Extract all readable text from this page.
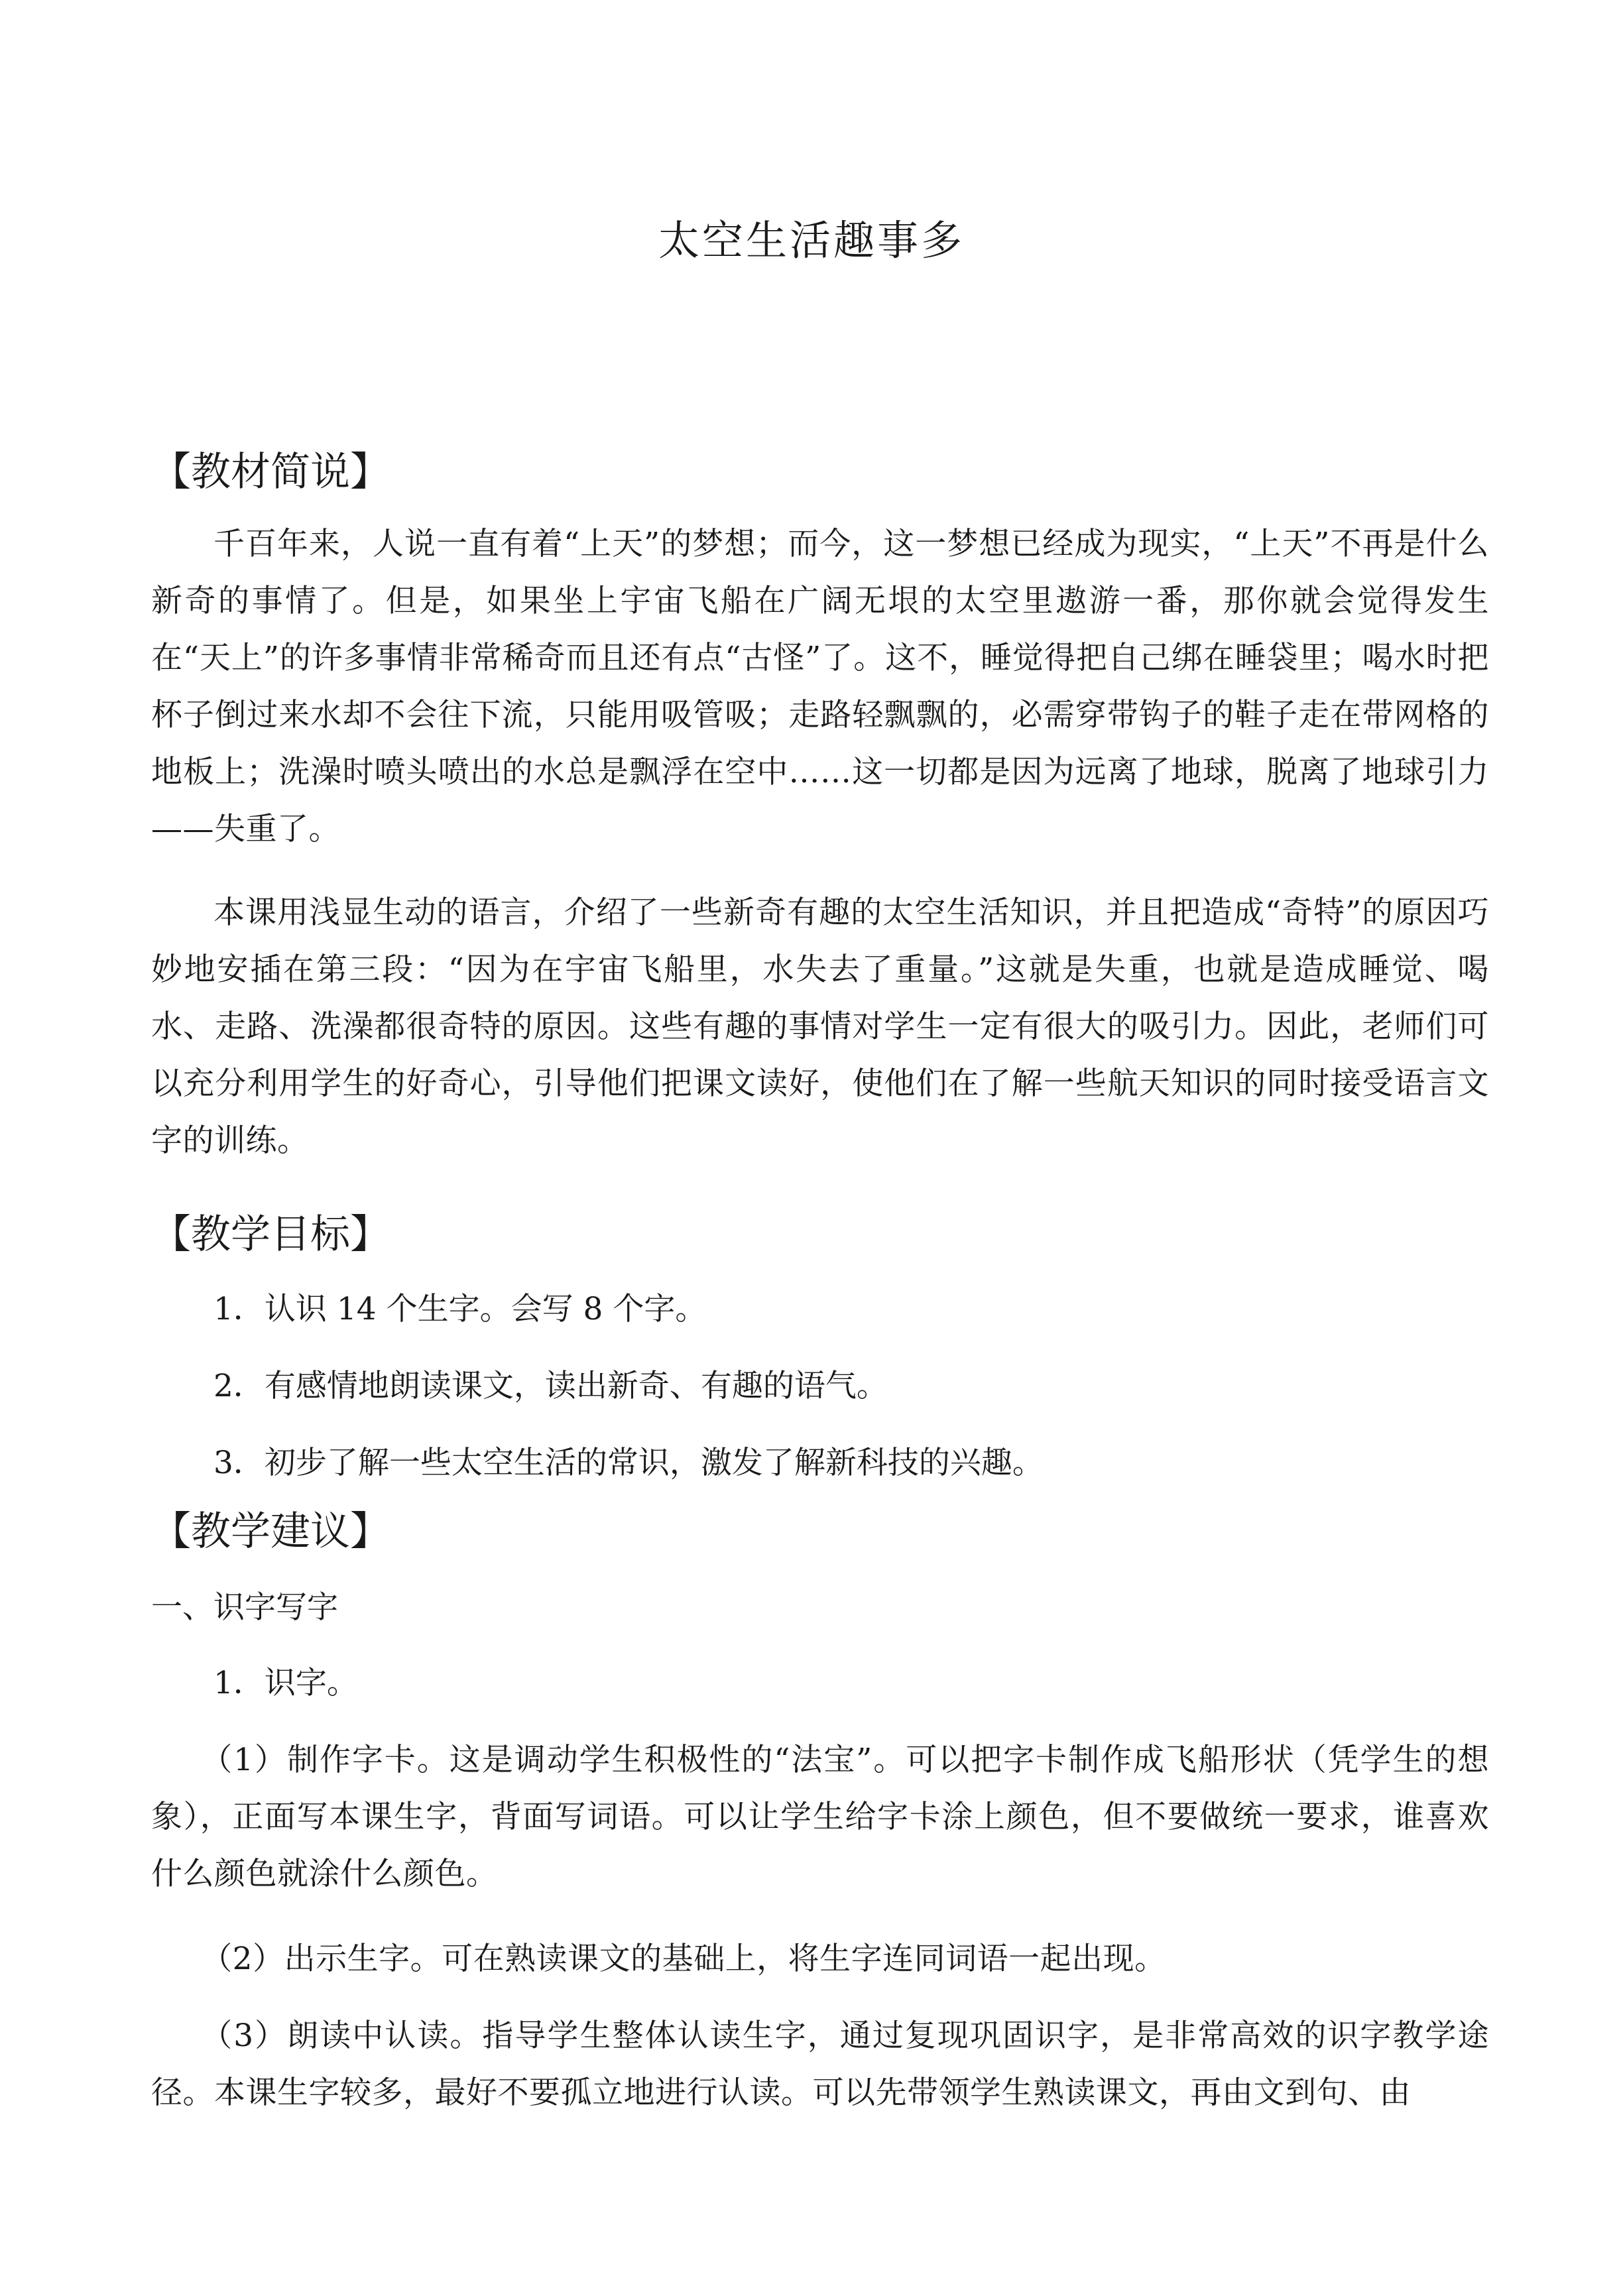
太空生活趣事多
【教材简说】

千百年来，人说一直有着“上天”的梦想；而今，这一梦想已经成为现实，“上天”不再是什么新奇的事情了。但是，如果坐上宇宙飞船在广阔无垠的太空里遨游一番，那你就会觉得发生在“天上”的许多事情非常稀奇而且还有点“古怪”了。这不，睡觉得把自己绑在睡袋里；喝水时把杯子倒过来水却不会往下流，只能用吸管吸；走路轻飘飘的，必需穿带钩子的鞋子走在带网格的地板上；洗澡时喷头喷出的水总是飘浮在空中……这一切都是因为远离了地球，脱离了地球引力——失重了。

本课用浅显生动的语言，介绍了一些新奇有趣的太空生活知识，并且把造成“奇特”的原因巧妙地安插在第三段：“因为在宇宙飞船里，水失去了重量。”这就是失重，也就是造成睡觉、喝水、走路、洗澡都很奇特的原因。这些有趣的事情对学生一定有很大的吸引力。因此，老师们可以充分利用学生的好奇心，引导他们把课文读好，使他们在了解一些航天知识的同时接受语言文字的训练。

【教学目标】

1．认识 14 个生字。会写 8 个字。

2．有感情地朗读课文，读出新奇、有趣的语气。

3．初步了解一些太空生活的常识，激发了解新科技的兴趣。

【教学建议】

一、识字写字

1．识字。

（1）制作字卡。这是调动学生积极性的“法宝”。可以把字卡制作成飞船形状（凭学生的想象），正面写本课生字，背面写词语。可以让学生给字卡涂上颜色，但不要做统一要求，谁喜欢什么颜色就涂什么颜色。

（2）出示生字。可在熟读课文的基础上，将生字连同词语一起出现。

（3）朗读中认读。指导学生整体认读生字，通过复现巩固识字，是非常高效的识字教学途径。本课生字较多，最好不要孤立地进行认读。可以先带领学生熟读课文，再由文到句、由
